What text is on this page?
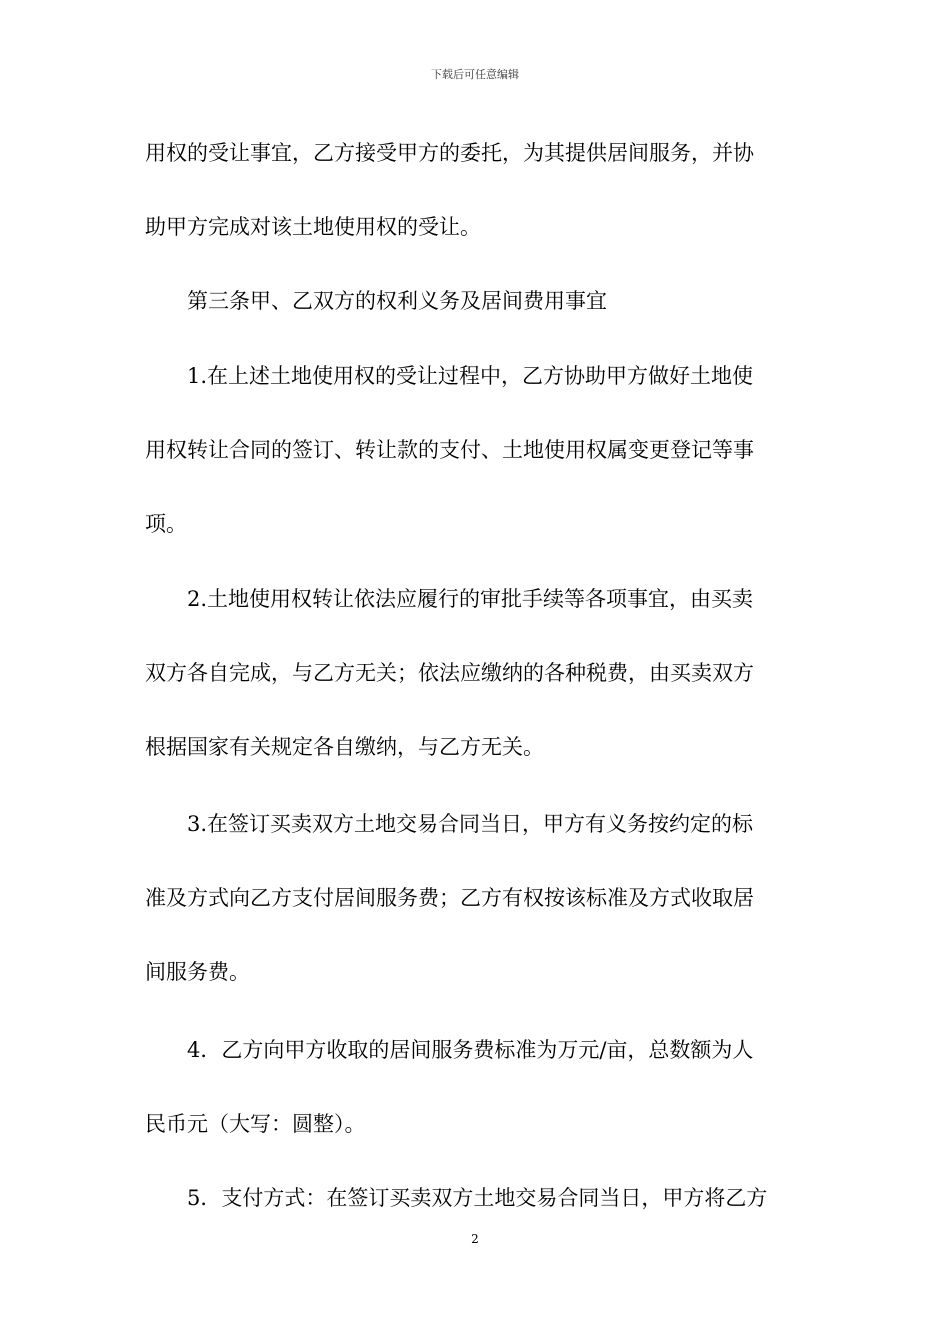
下载后可任意编辑
用权的受让事宜，乙方接受甲方的委托，为其提供居间服务，并协
助甲方完成对该土地使用权的受让。
　　第三条甲、乙双方的权利义务及居间费用事宜
　　1.在上述土地使用权的受让过程中，乙方协助甲方做好土地使
用权转让合同的签订、转让款的支付、土地使用权属变更登记等事
项。
　　2.土地使用权转让依法应履行的审批手续等各项事宜，由买卖
双方各自完成，与乙方无关；依法应缴纳的各种税费，由买卖双方
根据国家有关规定各自缴纳，与乙方无关。
　　3.在签订买卖双方土地交易合同当日，甲方有义务按约定的标
准及方式向乙方支付居间服务费；乙方有权按该标准及方式收取居
间服务费。
　　4．乙方向甲方收取的居间服务费标准为万元/亩，总数额为人
民币元（大写：圆整）。
　　5．支付方式：在签订买卖双方土地交易合同当日，甲方将乙方
2
